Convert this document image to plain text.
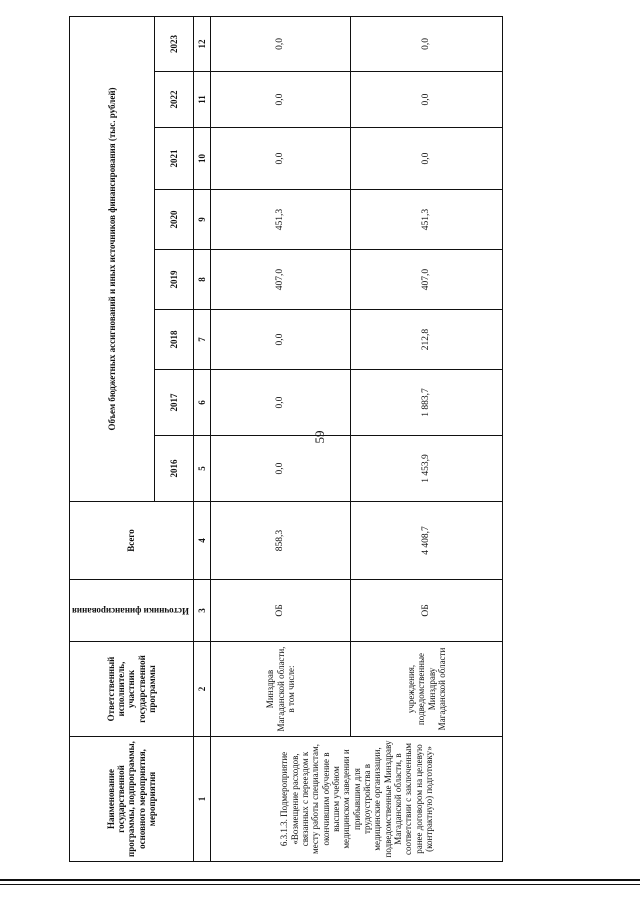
59
Наименование государственной программы, подпрограммы, основного мероприятия, мероприятия	Ответственный исполнитель, участник государственной программы	Источники финансирования	Всего	Объем бюджетных ассигнований и иных источников финансирования (тыс. рублей)							
				2016	2017	2018	2019	2020	2021	2022	2023
1	2	3	4	5	6	7	8	9	10	11	12
6.3.1.3. Подмероприятие «Возмещение расходов, связанных с переездом к месту работы специалистам, окончившим обучение в высшем учебном медицинском заведении и прибывшим для трудоустройства в медицинские организации, подведомственные Минздраву Магаданской области, в соответствии с заключенным ранее договором на целевую (контрактную) подготовку»	Минздрав Магаданской области, в том числе:	ОБ	858,3	0,0	0,0	0,0	407,0	451,3	0,0	0,0	0,0
	учреждения, подведомственные Минздраву Магаданской области	ОБ	4 408,7	1 453,9	1 883,7	212,8	407,0	451,3	0,0	0,0	0,0
